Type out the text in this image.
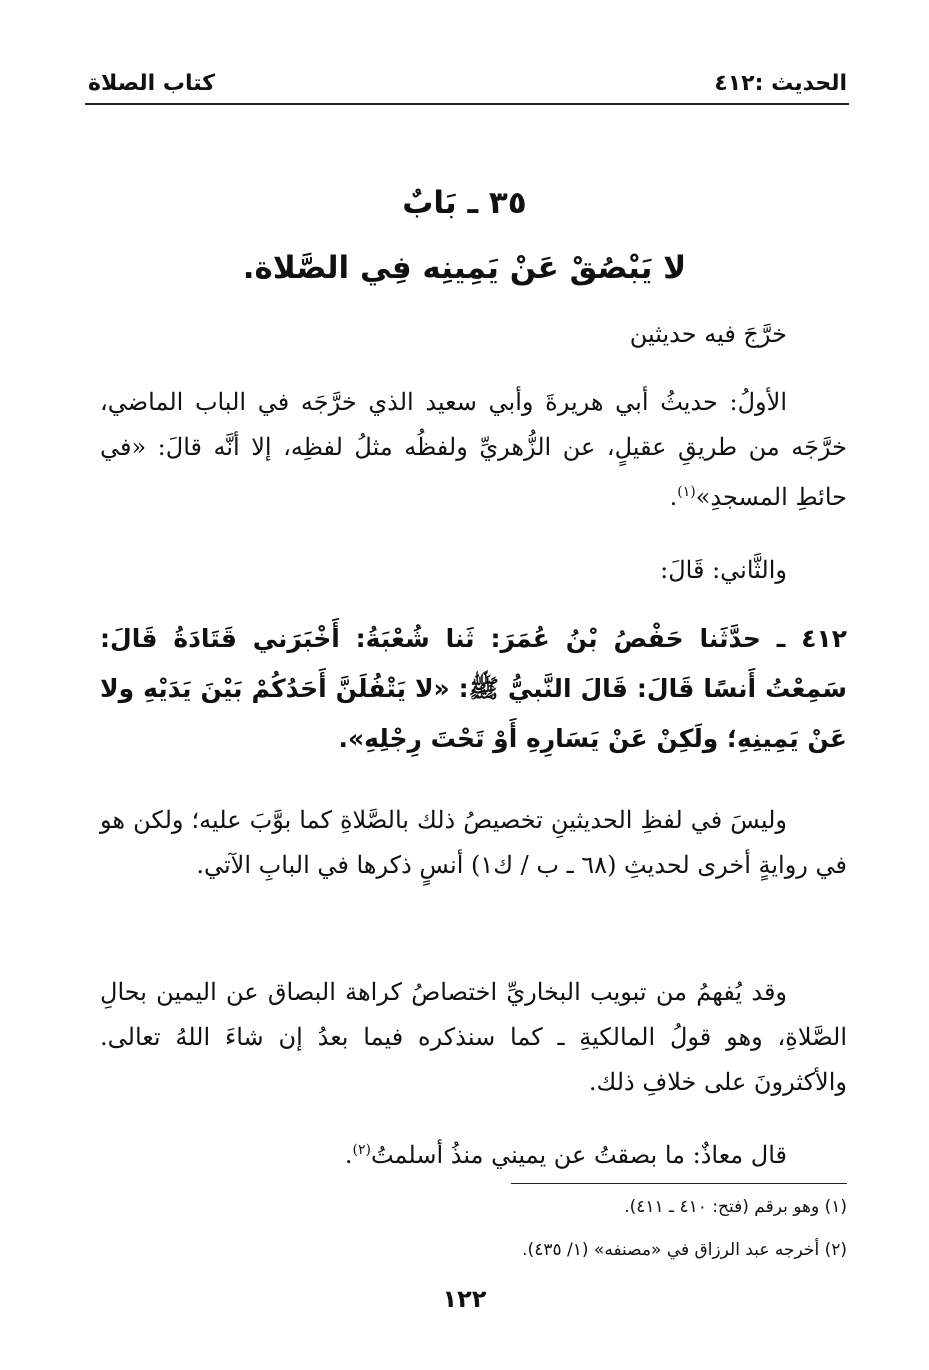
الحديث :٤١٢
كتاب الصلاة
٣٥ ـ بَابٌ
لا يَبْصُقْ عَنْ يَمِينِه فِي الصَّلاة.
خرَّجَ فيه حديثين
الأولُ: حديثُ أبي هريرةَ وأبي سعيد الذي خرَّجَه في الباب الماضي، خرَّجَه من طريقِ عقيلٍ، عن الزُّهريِّ ولفظُه مثلُ لفظِه، إلا أنَّه قالَ: «في حائطِ المسجدِ»$^{(١)}$.
والثَّاني: قَالَ:
٤١٢ ـ حدَّثَنا حَفْصُ بْنُ عُمَرَ: ثَنا شُعْبَةُ: أَخْبَرَني قَتَادَةُ قَالَ: سَمِعْتُ أَنسًا قَالَ: قَالَ النَّبيُّ ﷺ: «لا يَتْفُلَنَّ أَحَدُكُمْ بَيْنَ يَدَيْهِ ولا عَنْ يَمِينِهِ؛ ولَكِنْ عَنْ يَسَارِهِ أَوْ تَحْتَ رِجْلِهِ».
وليسَ في لفظِ الحديثينِ تخصيصُ ذلك بالصَّلاةِ كما بوَّبَ عليه؛ ولكن هو في روايةٍ أخرى لحديثِ (٦٨ ـ ب / ك١) أنسٍ ذكرها في البابِ الآتي.
وقد يُفهمُ من تبويب البخاريِّ اختصاصُ كراهة البصاق عن اليمين بحالِ الصَّلاةِ، وهو قولُ المالكيةِ ـ كما سنذكره فيما بعدُ إن شاءَ اللهُ تعالى. والأكثرونَ على خلافِ ذلك.
قال معاذٌ: ما بصقتُ عن يميني منذُ أسلمتُ$^{(٢)}$.
(١) وهو برقم (فتح: ٤١٠ ـ ٤١١).
(٢) أخرجه عبد الرزاق في «مصنفه» (١/ ٤٣٥).
١٢٢
